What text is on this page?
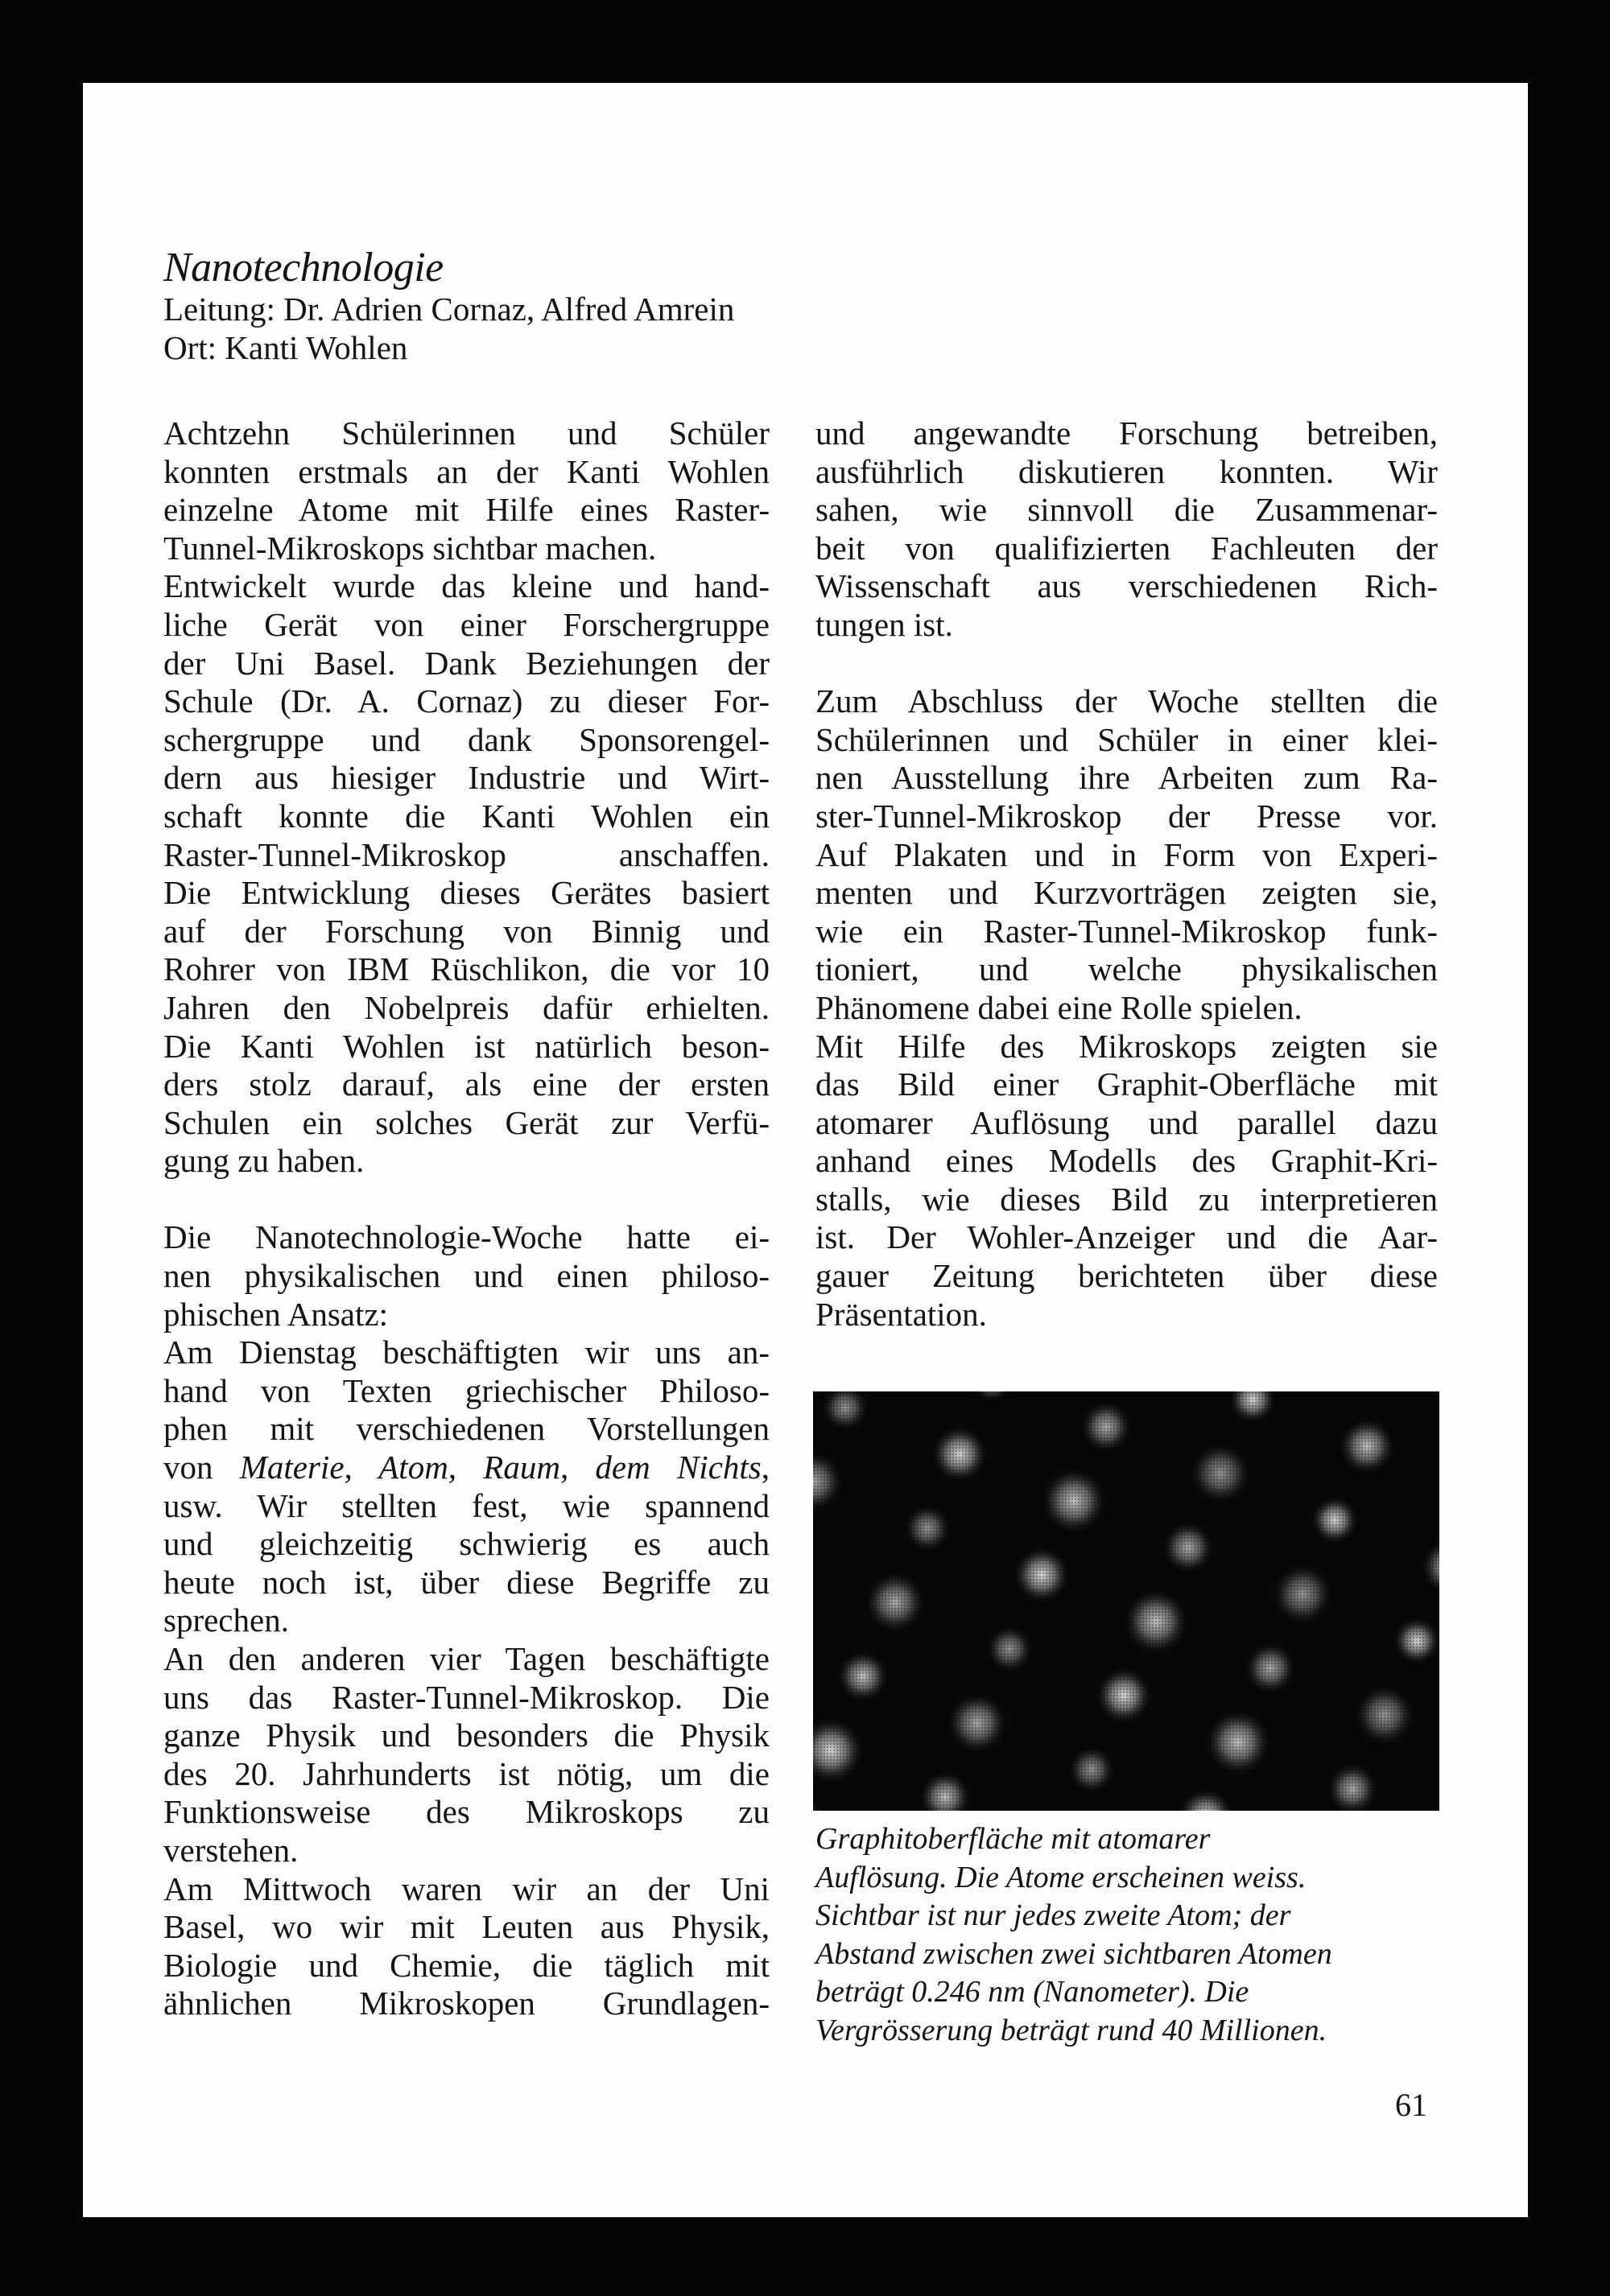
Nanotechnologie
Leitung: Dr. Adrien Cornaz, Alfred Amrein
Ort: Kanti Wohlen
Achtzehn Schülerinnen und Schüler
konnten erstmals an der Kanti Wohlen
einzelne Atome mit Hilfe eines Raster-
Tunnel-Mikroskops sichtbar machen.
Entwickelt wurde das kleine und hand-
liche Gerät von einer Forschergruppe
der Uni Basel. Dank Beziehungen der
Schule (Dr. A. Cornaz) zu dieser For-
schergruppe und dank Sponsorengel-
dern aus hiesiger Industrie und Wirt-
schaft konnte die Kanti Wohlen ein
Raster-Tunnel-Mikroskop anschaffen.
Die Entwicklung dieses Gerätes basiert
auf der Forschung von Binnig und
Rohrer von IBM Rüschlikon, die vor 10
Jahren den Nobelpreis dafür erhielten.
Die Kanti Wohlen ist natürlich beson-
ders stolz darauf, als eine der ersten
Schulen ein solches Gerät zur Verfü-
gung zu haben.
Die Nanotechnologie-Woche hatte ei-
nen physikalischen und einen philoso-
phischen Ansatz:
Am Dienstag beschäftigten wir uns an-
hand von Texten griechischer Philoso-
phen mit verschiedenen Vorstellungen
von Materie, Atom, Raum, dem Nichts,
usw. Wir stellten fest, wie spannend
und gleichzeitig schwierig es auch
heute noch ist, über diese Begriffe zu
sprechen.
An den anderen vier Tagen beschäftigte
uns das Raster-Tunnel-Mikroskop. Die
ganze Physik und besonders die Physik
des 20. Jahrhunderts ist nötig, um die
Funktionsweise des Mikroskops zu
verstehen.
Am Mittwoch waren wir an der Uni
Basel, wo wir mit Leuten aus Physik,
Biologie und Chemie, die täglich mit
ähnlichen Mikroskopen Grundlagen-
und angewandte Forschung betreiben,
ausführlich diskutieren konnten. Wir
sahen, wie sinnvoll die Zusammenar-
beit von qualifizierten Fachleuten der
Wissenschaft aus verschiedenen Rich-
tungen ist.
Zum Abschluss der Woche stellten die
Schülerinnen und Schüler in einer klei-
nen Ausstellung ihre Arbeiten zum Ra-
ster-Tunnel-Mikroskop der Presse vor.
Auf Plakaten und in Form von Experi-
menten und Kurzvorträgen zeigten sie,
wie ein Raster-Tunnel-Mikroskop funk-
tioniert, und welche physikalischen
Phänomene dabei eine Rolle spielen.
Mit Hilfe des Mikroskops zeigten sie
das Bild einer Graphit-Oberfläche mit
atomarer Auflösung und parallel dazu
anhand eines Modells des Graphit-Kri-
stalls, wie dieses Bild zu interpretieren
ist. Der Wohler-Anzeiger und die Aar-
gauer Zeitung berichteten über diese
Präsentation.
Graphitoberfläche mit atomarer
Auflösung. Die Atome erscheinen weiss.
Sichtbar ist nur jedes zweite Atom; der
Abstand zwischen zwei sichtbaren Atomen
beträgt 0.246 nm (Nanometer). Die
Vergrösserung beträgt rund 40 Millionen.
61
